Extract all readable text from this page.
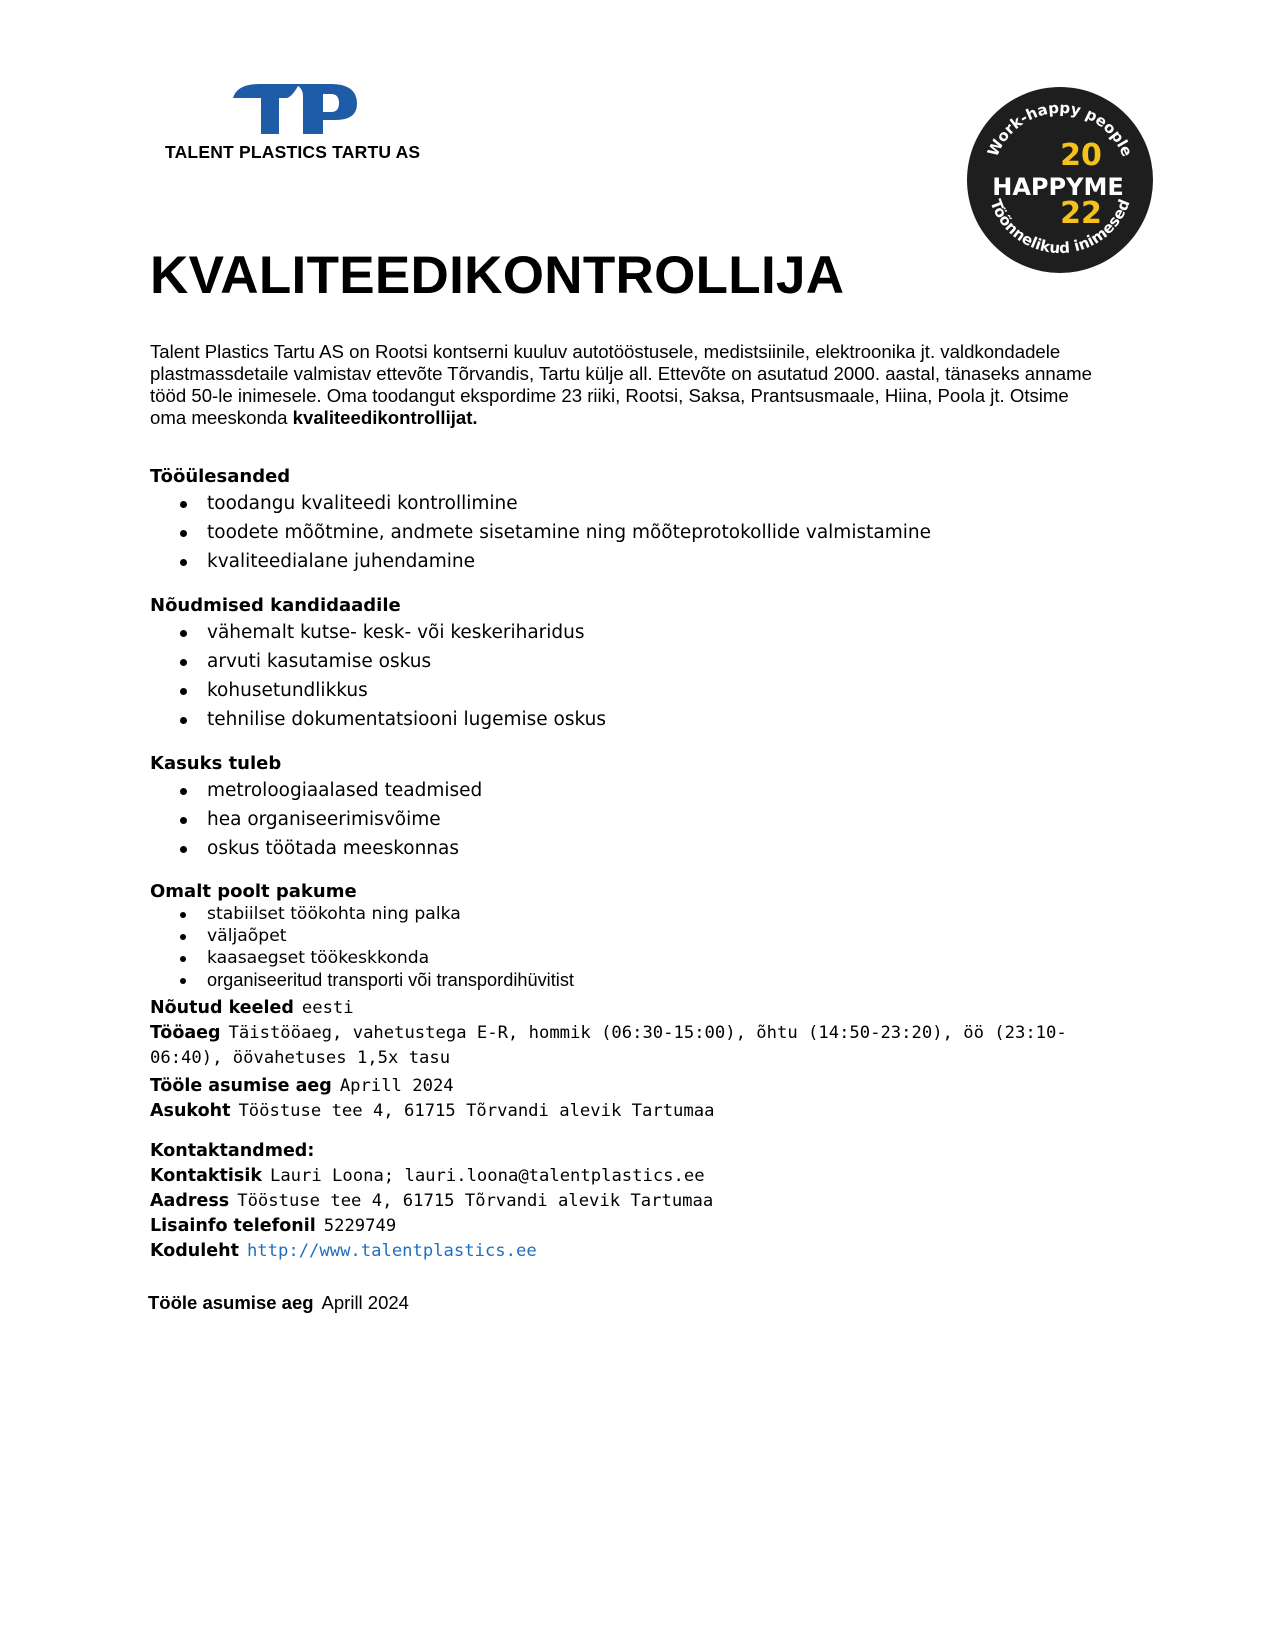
TALENT PLASTICS TARTU AS	Work-happy people
Töõnnelikud inimesed
20
HAPPYME
22
KVALITEEDIKONTROLLIJA

Talent Plastics Tartu AS on Rootsi kontserni kuuluv autotööstusele, medistsiinile, elektroonika jt. valdkondadele plastmassdetaile valmistav ettevõte Tõrvandis, Tartu külje all. Ettevõte on asutatud 2000. aastal, tänaseks anname tööd 50-le inimesele. Oma toodangut ekspordime 23 riiki, Rootsi, Saksa, Prantsusmaale, Hiina, Poola jt. Otsime oma meeskonda kvaliteedikontrollijat.

Tööülesanded
toodangu kvaliteedi kontrollimine
toodete mõõtmine, andmete sisetamine ning mõõteprotokollide valmistamine
kvaliteedialane juhendamine
Nõudmised kandidaadile
vähemalt kutse- kesk- või keskeriharidus
arvuti kasutamise oskus
kohusetundlikkus
tehnilise dokumentatsiooni lugemise oskus
Kasuks tuleb
metroloogiaalased teadmised
hea organiseerimisvõime
oskus töötada meeskonnas
Omalt poolt pakume
stabiilset töökohta ning palka
väljaõpet
kaasaegset töökeskkonda
organiseeritud transporti või transpordihüvitist

Nõutud keeled eesti

Tööaeg Täistööaeg, vahetustega E-R, hommik (06:30-15:00), õhtu (14:50-23:20), öö (23:10-06:40), öövahetuses 1,5x tasu

Tööle asumise aeg Aprill 2024

Asukoht Tööstuse tee 4, 61715 Tõrvandi alevik Tartumaa

Kontaktandmed:

Kontaktisik Lauri Loona; lauri.loona@talentplastics.ee

Aadress Tööstuse tee 4, 61715 Tõrvandi alevik Tartumaa

Lisainfo telefonil 5229749

Koduleht http://www.talentplastics.ee

Tööle asumise aeg Aprill 2024
